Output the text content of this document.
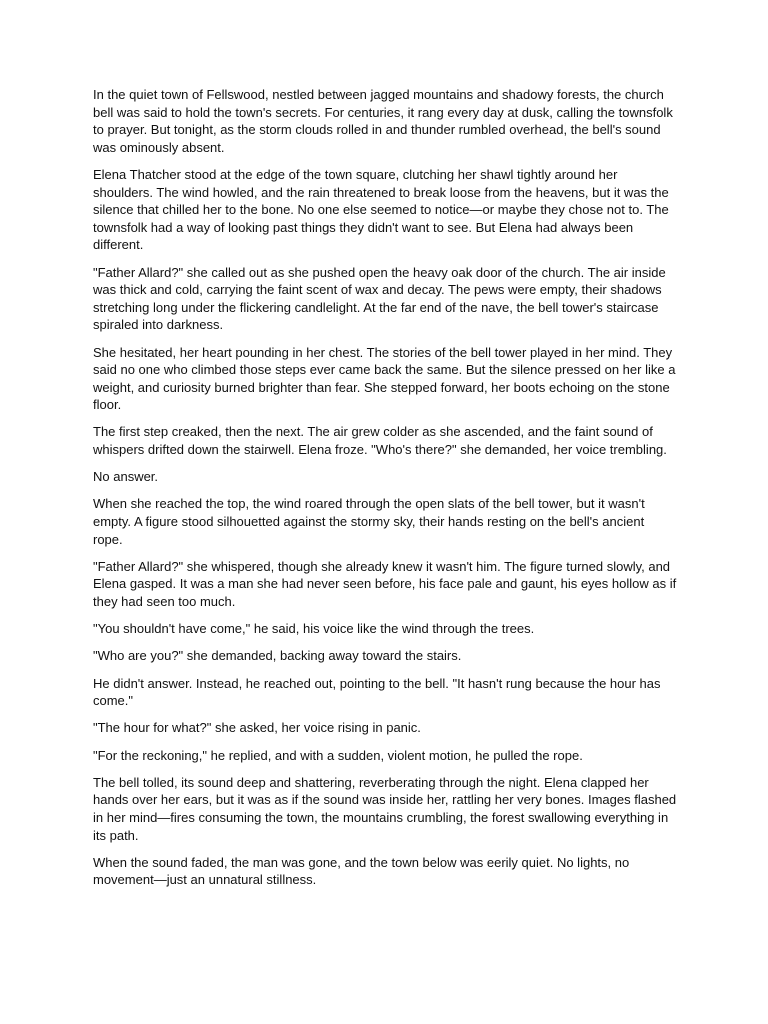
In the quiet town of Fellswood, nestled between jagged mountains and shadowy forests, the church bell was said to hold the town's secrets. For centuries, it rang every day at dusk, calling the townsfolk to prayer. But tonight, as the storm clouds rolled in and thunder rumbled overhead, the bell's sound was ominously absent.

Elena Thatcher stood at the edge of the town square, clutching her shawl tightly around her shoulders. The wind howled, and the rain threatened to break loose from the heavens, but it was the silence that chilled her to the bone. No one else seemed to notice—or maybe they chose not to. The townsfolk had a way of looking past things they didn't want to see. But Elena had always been different.

"Father Allard?" she called out as she pushed open the heavy oak door of the church. The air inside was thick and cold, carrying the faint scent of wax and decay. The pews were empty, their shadows stretching long under the flickering candlelight. At the far end of the nave, the bell tower's staircase spiraled into darkness.

She hesitated, her heart pounding in her chest. The stories of the bell tower played in her mind. They said no one who climbed those steps ever came back the same. But the silence pressed on her like a weight, and curiosity burned brighter than fear. She stepped forward, her boots echoing on the stone floor.

The first step creaked, then the next. The air grew colder as she ascended, and the faint sound of whispers drifted down the stairwell. Elena froze. "Who's there?" she demanded, her voice trembling.

No answer.

When she reached the top, the wind roared through the open slats of the bell tower, but it wasn't empty. A figure stood silhouetted against the stormy sky, their hands resting on the bell's ancient rope.

"Father Allard?" she whispered, though she already knew it wasn't him. The figure turned slowly, and Elena gasped. It was a man she had never seen before, his face pale and gaunt, his eyes hollow as if they had seen too much.

"You shouldn't have come," he said, his voice like the wind through the trees.

"Who are you?" she demanded, backing away toward the stairs.

He didn't answer. Instead, he reached out, pointing to the bell. "It hasn't rung because the hour has come."

"The hour for what?" she asked, her voice rising in panic.

"For the reckoning," he replied, and with a sudden, violent motion, he pulled the rope.

The bell tolled, its sound deep and shattering, reverberating through the night. Elena clapped her hands over her ears, but it was as if the sound was inside her, rattling her very bones. Images flashed in her mind—fires consuming the town, the mountains crumbling, the forest swallowing everything in its path.

When the sound faded, the man was gone, and the town below was eerily quiet. No lights, no movement—just an unnatural stillness.
